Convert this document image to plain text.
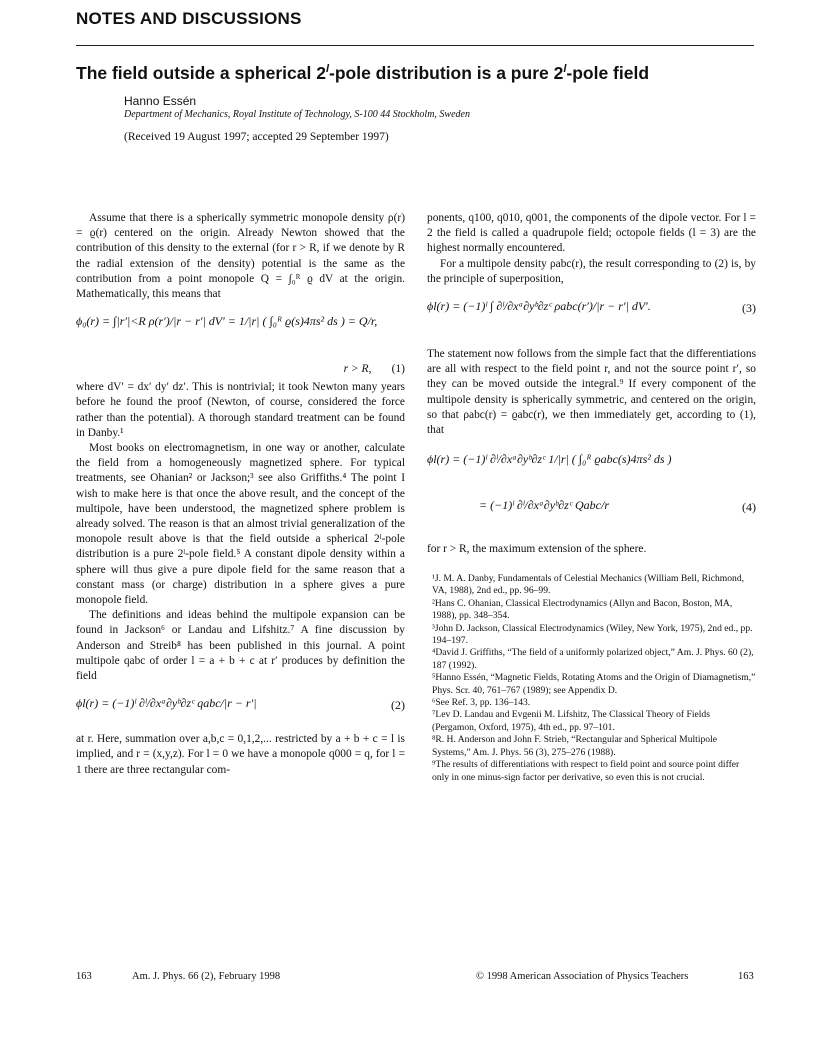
NOTES AND DISCUSSIONS
The field outside a spherical 2$^l$-pole distribution is a pure 2$^l$-pole field
Hanno Essén
Department of Mechanics, Royal Institute of Technology, S-100 44 Stockholm, Sweden
(Received 19 August 1997; accepted 29 September 1997)

Assume that there is a spherically symmetric monopole density ρ(r) = ϱ(r) centered on the origin. Already Newton showed that the contribution of this density to the external (for r > R, if we denote by R the radial extension of the density) potential is the same as the contribution from a point monopole Q = ∫₀ᴿ ϱ dV at the origin. Mathematically, this means that

ϕ₀(r) = ∫|r′|<R ρ(r′)/|r − r′| dV′ = 1/|r| ( ∫₀ᴿ ϱ(s)4πs² ds ) = Q/r,
r > R, (1)

where dV′ = dx′ dy′ dz′. This is nontrivial; it took Newton many years before he found the proof (Newton, of course, considered the force rather than the potential). A thorough standard treatment can be found in Danby.¹

Most books on electromagnetism, in one way or another, calculate the field from a homogeneously magnetized sphere. For typical treatments, see Ohanian² or Jackson;³ see also Griffiths.⁴ The point I wish to make here is that once the above result, and the concept of the multipole, have been understood, the magnetized sphere problem is already solved. The reason is that an almost trivial generalization of the monopole result above is that the field outside a spherical 2ˡ-pole distribution is a pure 2ˡ-pole field.⁵ A constant dipole density within a sphere will thus give a pure dipole field for the same reason that a constant mass (or charge) distribution in a sphere gives a pure monopole field.

The definitions and ideas behind the multipole expansion can be found in Jackson⁶ or Landau and Lifshitz.⁷ A fine discussion by Anderson and Streib⁸ has been published in this journal. A point multipole qabc of order l = a + b + c at r′ produces by definition the field

ϕl(r) = (−1)ˡ ∂ˡ/∂xᵃ∂yᵇ∂zᶜ qabc/|r − r′|	(2)

at r. Here, summation over a,b,c = 0,1,2,... restricted by a + b + c = l is implied, and r = (x,y,z). For l = 0 we have a monopole q000 = q, for l = 1 there are three rectangular com-

ponents, q100, q010, q001, the components of the dipole vector. For l = 2 the field is called a quadrupole field; octopole fields (l = 3) are the highest normally encountered.

For a multipole density ρabc(r), the result corresponding to (2) is, by the principle of superposition,

ϕl(r) = (−1)ˡ ∫ ∂ˡ/∂xᵃ∂yᵇ∂zᶜ ρabc(r′)/|r − r′| dV′.	(3)

The statement now follows from the simple fact that the differentiations are all with respect to the field point r, and not the source point r′, so they can be moved outside the integral.⁹ If every component of the multipole density is spherically symmetric, and centered on the origin, so that ρabc(r) = ϱabc(r), we then immediately get, according to (1), that

ϕl(r) = (−1)ˡ ∂ˡ/∂xᵃ∂yᵇ∂zᶜ 1/|r| ( ∫₀ᴿ ϱabc(s)4πs² ds )
= (−1)ˡ ∂ˡ/∂xᵃ∂yᵇ∂zᶜ Qabc/r	(4)

for r > R, the maximum extension of the sphere.

¹J. M. A. Danby, Fundamentals of Celestial Mechanics (William Bell, Richmond, VA, 1988), 2nd ed., pp. 96–99.
²Hans C. Ohanian, Classical Electrodynamics (Allyn and Bacon, Boston, MA, 1988), pp. 348–354.
³John D. Jackson, Classical Electrodynamics (Wiley, New York, 1975), 2nd ed., pp. 194–197.
⁴David J. Griffiths, “The field of a uniformly polarized object,” Am. J. Phys. 60 (2), 187 (1992).
⁵Hanno Essén, “Magnetic Fields, Rotating Atoms and the Origin of Diamagnetism,” Phys. Scr. 40, 761–767 (1989); see Appendix D.
⁶See Ref. 3, pp. 136–143.
⁷Lev D. Landau and Evgenii M. Lifshitz, The Classical Theory of Fields (Pergamon, Oxford, 1975), 4th ed., pp. 97–101.
⁸R. H. Anderson and John F. Strieb, “Rectangular and Spherical Multipole Systems,” Am. J. Phys. 56 (3), 275–276 (1988).
⁹The results of differentiations with respect to field point and source point differ only in one minus-sign factor per derivative, so even this is not crucial.
163	Am. J. Phys. 66 (2), February 1998	© 1998 American Association of Physics Teachers	163
